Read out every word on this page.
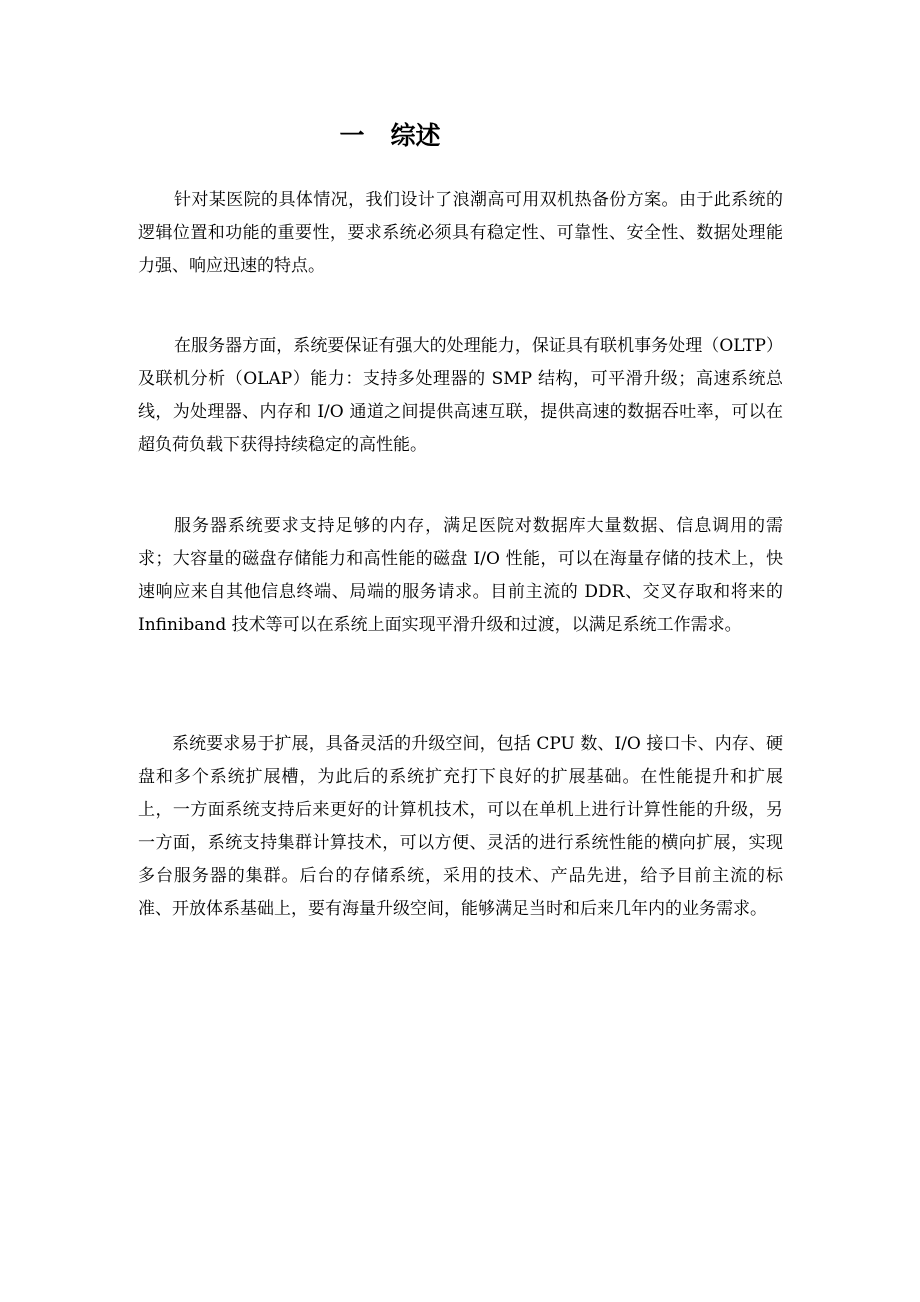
一 综述

针对某医院的具体情况，我们设计了浪潮高可用双机热备份方案。由于此系统的逻辑位置和功能的重要性，要求系统必须具有稳定性、可靠性、安全性、数据处理能力强、响应迅速的特点。

在服务器方面，系统要保证有强大的处理能力，保证具有联机事务处理（OLTP）及联机分析（OLAP）能力：支持多处理器的 SMP 结构，可平滑升级；高速系统总线，为处理器、内存和 I/O 通道之间提供高速互联，提供高速的数据吞吐率，可以在超负荷负载下获得持续稳定的高性能。

服务器系统要求支持足够的内存，满足医院对数据库大量数据、信息调用的需求；大容量的磁盘存储能力和高性能的磁盘 I/O 性能，可以在海量存储的技术上，快速响应来自其他信息终端、局端的服务请求。目前主流的 DDR、交叉存取和将来的 Infiniband 技术等可以在系统上面实现平滑升级和过渡，以满足系统工作需求。

系统要求易于扩展，具备灵活的升级空间，包括 CPU 数、I/O 接口卡、内存、硬盘和多个系统扩展槽，为此后的系统扩充打下良好的扩展基础。在性能提升和扩展上，一方面系统支持后来更好的计算机技术，可以在单机上进行计算性能的升级，另一方面，系统支持集群计算技术，可以方便、灵活的进行系统性能的横向扩展，实现多台服务器的集群。后台的存储系统，采用的技术、产品先进，给予目前主流的标准、开放体系基础上，要有海量升级空间，能够满足当时和后来几年内的业务需求。
